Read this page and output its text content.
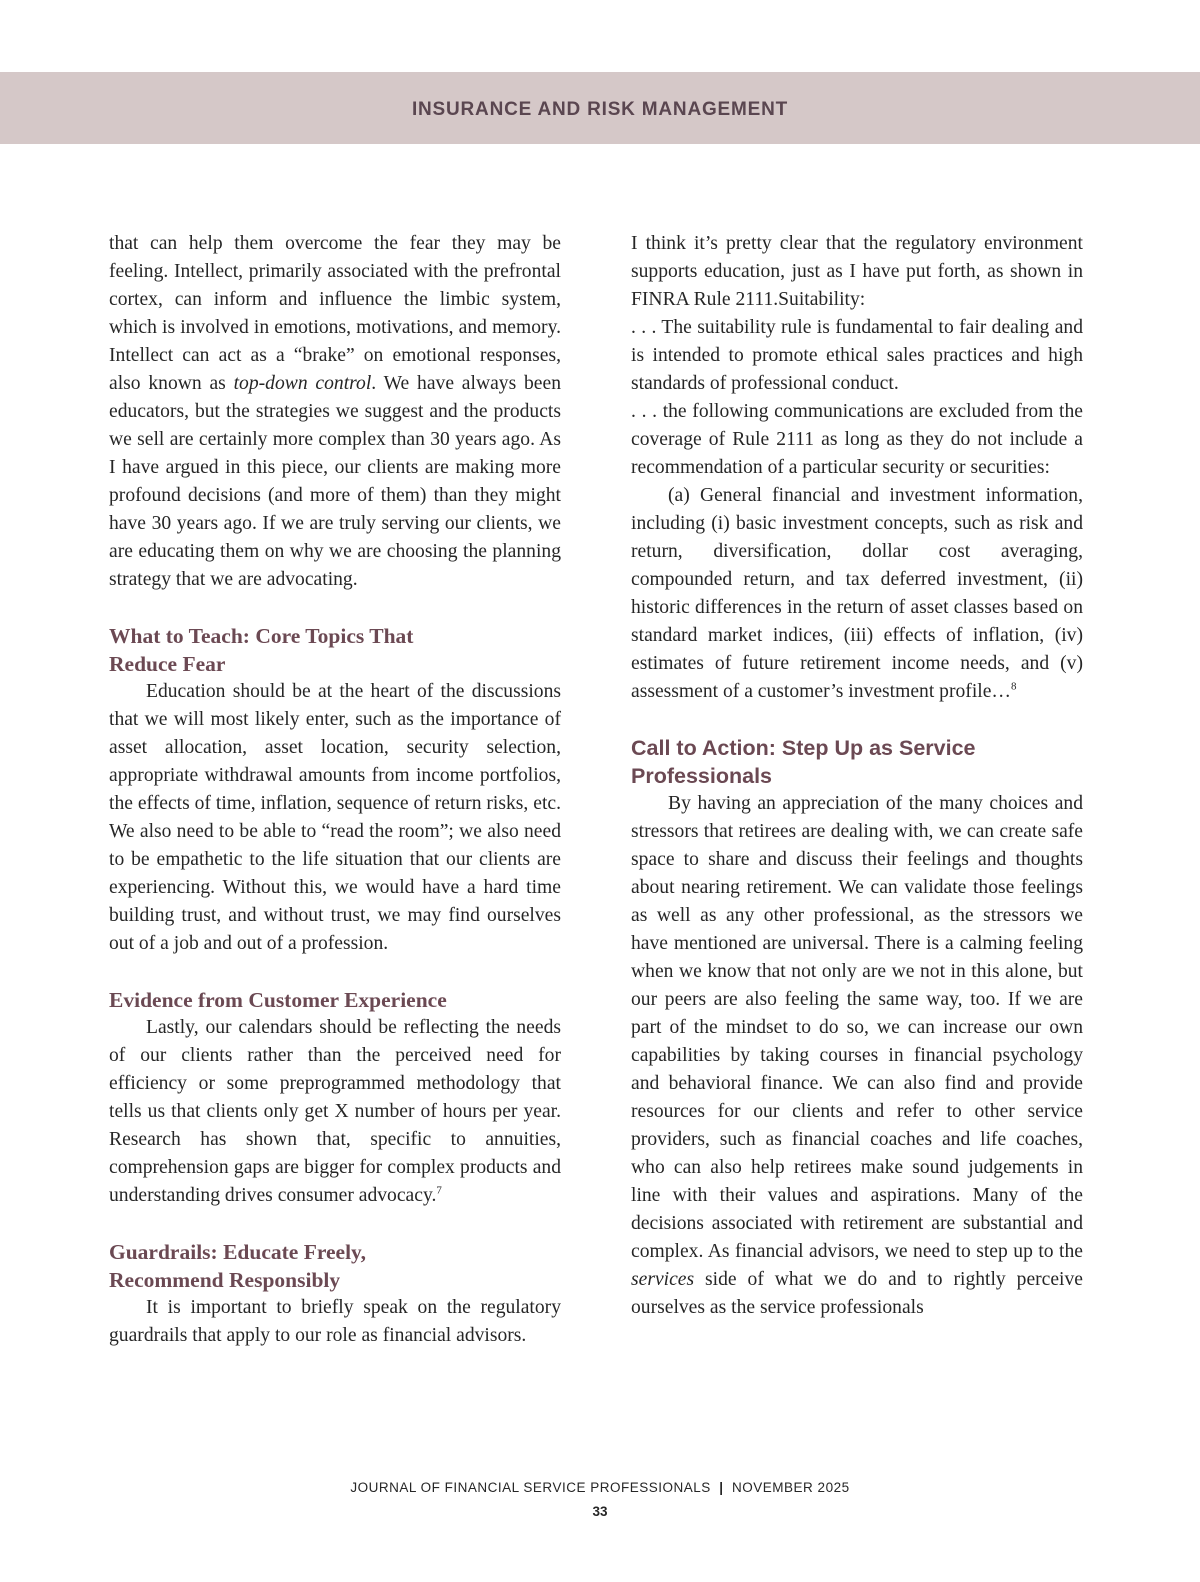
INSURANCE AND RISK MANAGEMENT

that can help them overcome the fear they may be feeling. Intellect, primarily associated with the prefrontal cortex, can inform and influence the limbic system, which is involved in emotions, motivations, and memory. Intellect can act as a “brake” on emotional responses, also known as top-down control. We have always been educators, but the strategies we suggest and the products we sell are certainly more complex than 30 years ago. As I have argued in this piece, our clients are making more profound decisions (and more of them) than they might have 30 years ago. If we are truly serving our clients, we are educating them on why we are choosing the planning strategy that we are advocating.

What to Teach: Core Topics That
Reduce Fear

Education should be at the heart of the discussions that we will most likely enter, such as the importance of asset allocation, asset location, security selection, appropriate withdrawal amounts from income portfolios, the effects of time, inflation, sequence of return risks, etc. We also need to be able to “read the room”; we also need to be empathetic to the life situation that our clients are experiencing. Without this, we would have a hard time building trust, and without trust, we may find ourselves out of a job and out of a profession.

Evidence from Customer Experience

Lastly, our calendars should be reflecting the needs of our clients rather than the perceived need for efficiency or some preprogrammed methodology that tells us that clients only get X number of hours per year. Research has shown that, specific to annuities, comprehension gaps are bigger for complex products and understanding drives consumer advocacy.$^7$

Guardrails: Educate Freely,
Recommend Responsibly

It is important to briefly speak on the regulatory guardrails that apply to our role as financial advisors.

I think it’s pretty clear that the regulatory environment supports education, just as I have put forth, as shown in FINRA Rule 2111.Suitability:

. . . The suitability rule is fundamental to fair dealing and is intended to promote ethical sales practices and high standards of professional conduct.

. . . the following communications are excluded from the coverage of Rule 2111 as long as they do not include a recommendation of a particular security or securities:

(a) General financial and investment information, including (i) basic investment concepts, such as risk and return, diversification, dollar cost averaging, compounded return, and tax deferred investment, (ii) historic differences in the return of asset classes based on standard market indices, (iii) effects of inflation, (iv) estimates of future retirement income needs, and (v) assessment of a customer’s investment profile…$^8$

Call to Action: Step Up as Service
Professionals

By having an appreciation of the many choices and stressors that retirees are dealing with, we can create safe space to share and discuss their feelings and thoughts about nearing retirement. We can validate those feelings as well as any other professional, as the stressors we have mentioned are universal. There is a calming feeling when we know that not only are we not in this alone, but our peers are also feeling the same way, too. If we are part of the mindset to do so, we can increase our own capabilities by taking courses in financial psychology and behavioral finance. We can also find and provide resources for our clients and refer to other service providers, such as financial coaches and life coaches, who can also help retirees make sound judgements in line with their values and aspirations. Many of the decisions associated with retirement are substantial and complex. As financial advisors, we need to step up to the services side of what we do and to rightly perceive ourselves as the service professionals

JOURNAL OF FINANCIAL SERVICE PROFESSIONALS | NOVEMBER 2025
33
